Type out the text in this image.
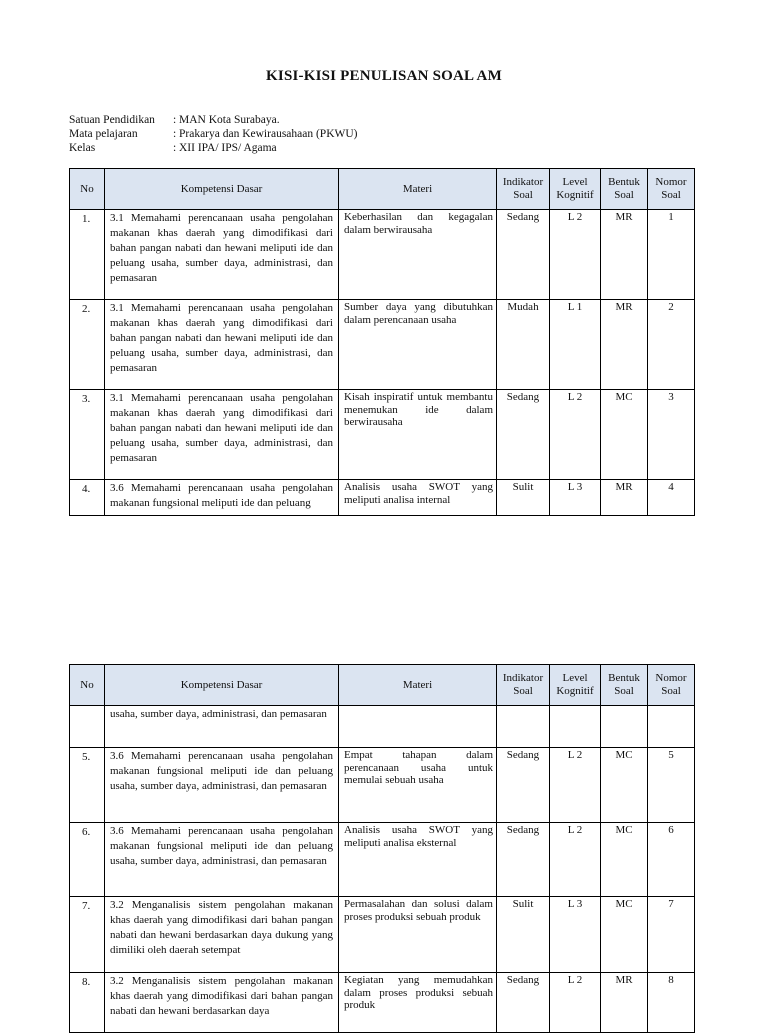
KISI-KISI PENULISAN SOAL AM
Satuan Pendidikan	: MAN Kota Surabaya.
Mata pelajaran	: Prakarya dan Kewirausahaan (PKWU)
Kelas	: XII IPA/ IPS/ Agama
No	Kompetensi Dasar	Materi	Indikator Soal	Level Kognitif	Bentuk Soal	Nomor Soal
1.	3.1 Memahami perencanaan usaha pengolahan makanan khas daerah yang dimodifikasi dari bahan pangan nabati dan hewani meliputi ide dan peluang usaha, sumber daya, administrasi, dan pemasaran	Keberhasilan dan kegagalan dalam berwirausaha	Sedang	L 2	MR	1
2.	3.1 Memahami perencanaan usaha pengolahan makanan khas daerah yang dimodifikasi dari bahan pangan nabati dan hewani meliputi ide dan peluang usaha, sumber daya, administrasi, dan pemasaran	Sumber daya yang dibutuhkan dalam perencanaan usaha	Mudah	L 1	MR	2
3.	3.1 Memahami perencanaan usaha pengolahan makanan khas daerah yang dimodifikasi dari bahan pangan nabati dan hewani meliputi ide dan peluang usaha, sumber daya, administrasi, dan pemasaran	Kisah inspiratif untuk membantu menemukan ide dalam berwirausaha	Sedang	L 2	MC	3
4.	3.6 Memahami perencanaan usaha pengolahan makanan fungsional meliputi ide dan peluang	Analisis usaha SWOT yang meliputi analisa internal	Sulit	L 3	MR	4
No	Kompetensi Dasar	Materi	Indikator Soal	Level Kognitif	Bentuk Soal	Nomor Soal
	usaha, sumber daya, administrasi, dan pemasaran					
5.	3.6 Memahami perencanaan usaha pengolahan makanan fungsional meliputi ide dan peluang usaha, sumber daya, administrasi, dan pemasaran	Empat tahapan dalam perencanaan usaha untuk memulai sebuah usaha	Sedang	L 2	MC	5
6.	3.6 Memahami perencanaan usaha pengolahan makanan fungsional meliputi ide dan peluang usaha, sumber daya, administrasi, dan pemasaran	Analisis usaha SWOT yang meliputi analisa eksternal	Sedang	L 2	MC	6
7.	3.2 Menganalisis sistem pengolahan makanan khas daerah yang dimodifikasi dari bahan pangan nabati dan hewani berdasarkan daya dukung yang dimiliki oleh daerah setempat	Permasalahan dan solusi dalam proses produksi sebuah produk	Sulit	L 3	MC	7
8.	3.2 Menganalisis sistem pengolahan makanan khas daerah yang dimodifikasi dari bahan pangan nabati dan hewani berdasarkan daya	Kegiatan yang memudahkan dalam proses produksi sebuah produk	Sedang	L 2	MR	8
